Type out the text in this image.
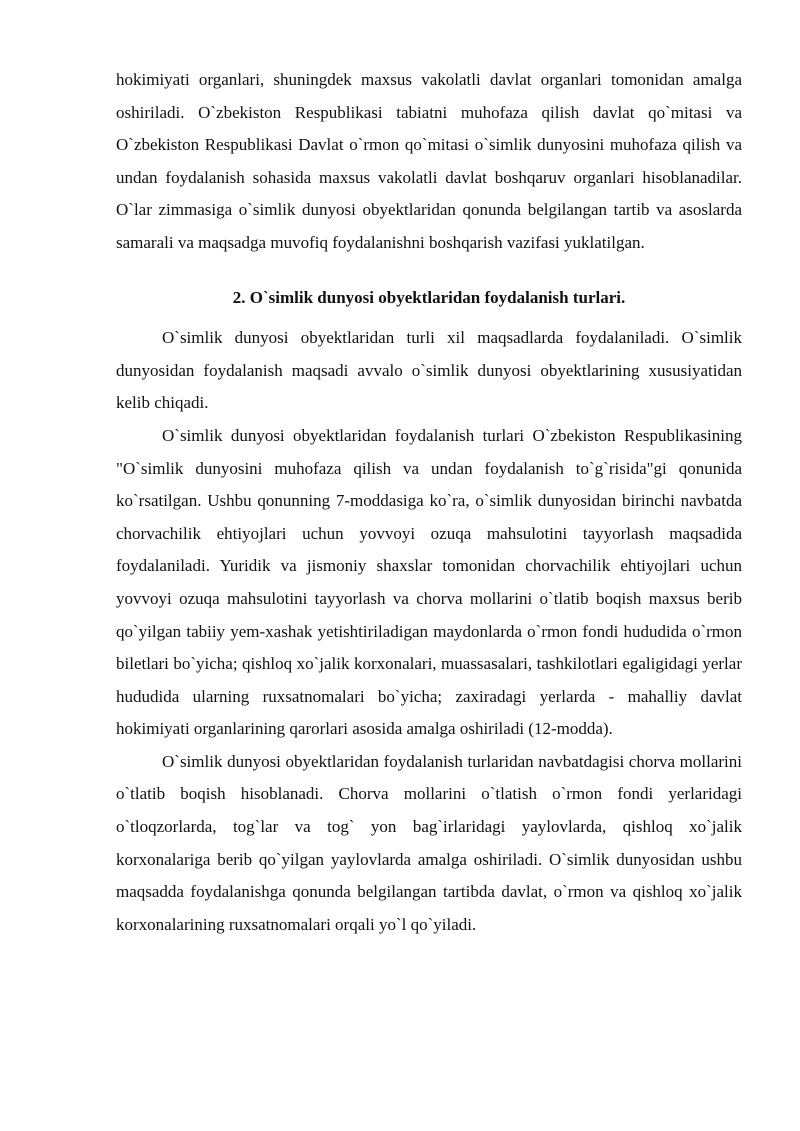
hokimiyati organlari, shuningdek maxsus vakolatli davlat organlari tomonidan amalga oshiriladi. O`zbekiston Respublikasi tabiatni muhofaza qilish davlat qo`mitasi va O`zbekiston Respublikasi Davlat o`rmon qo`mitasi o`simlik dunyosini muhofaza qilish va undan foydalanish sohasida maxsus vakolatli davlat boshqaruv organlari hisoblanadilar. O`lar zimmasiga o`simlik dunyosi obyektlaridan qonunda belgilangan tartib va asoslarda samarali va maqsadga muvofiq foydalanishni boshqarish vazifasi yuklatilgan.

2. O`simlik dunyosi obyektlaridan foydalanish turlari.

O`simlik dunyosi obyektlaridan turli xil maqsadlarda foydalaniladi. O`simlik dunyosidan foydalanish maqsadi avvalo o`simlik dunyosi obyektlarining xususiyatidan kelib chiqadi.

O`simlik dunyosi obyektlaridan foydalanish turlari O`zbekiston Respublikasining "O`simlik dunyosini muhofaza qilish va undan foydalanish to`g`risida"gi qonunida ko`rsatilgan. Ushbu qonunning 7-moddasiga ko`ra, o`simlik dunyosidan birinchi navbatda chorvachilik ehtiyojlari uchun yovvoyi ozuqa mahsulotini tayyorlash maqsadida foydalaniladi. Yuridik va jismoniy shaxslar tomonidan chorvachilik ehtiyojlari uchun yovvoyi ozuqa mahsulotini tayyorlash va chorva mollarini o`tlatib boqish maxsus berib qo`yilgan tabiiy yem-xashak yetishtiriladigan maydonlarda o`rmon fondi hududida o`rmon biletlari bo`yicha; qishloq xo`jalik korxonalari, muassasalari, tashkilotlari egaligidagi yerlar hududida ularning ruxsatnomalari bo`yicha; zaxiradagi yerlarda - mahalliy davlat hokimiyati organlarining qarorlari asosida amalga oshiriladi (12-modda).

O`simlik dunyosi obyektlaridan foydalanish turlaridan navbatdagisi chorva mollarini o`tlatib boqish hisoblanadi. Chorva mollarini o`tlatish o`rmon fondi yerlaridagi o`tloqzorlarda, tog`lar va tog` yon bag`irlaridagi yaylovlarda, qishloq xo`jalik korxonalariga berib qo`yilgan yaylovlarda amalga oshiriladi. O`simlik dunyosidan ushbu maqsadda foydalanishga qonunda belgilangan tartibda davlat, o`rmon va qishloq xo`jalik korxonalarining ruxsatnomalari orqali yo`l qo`yiladi.
